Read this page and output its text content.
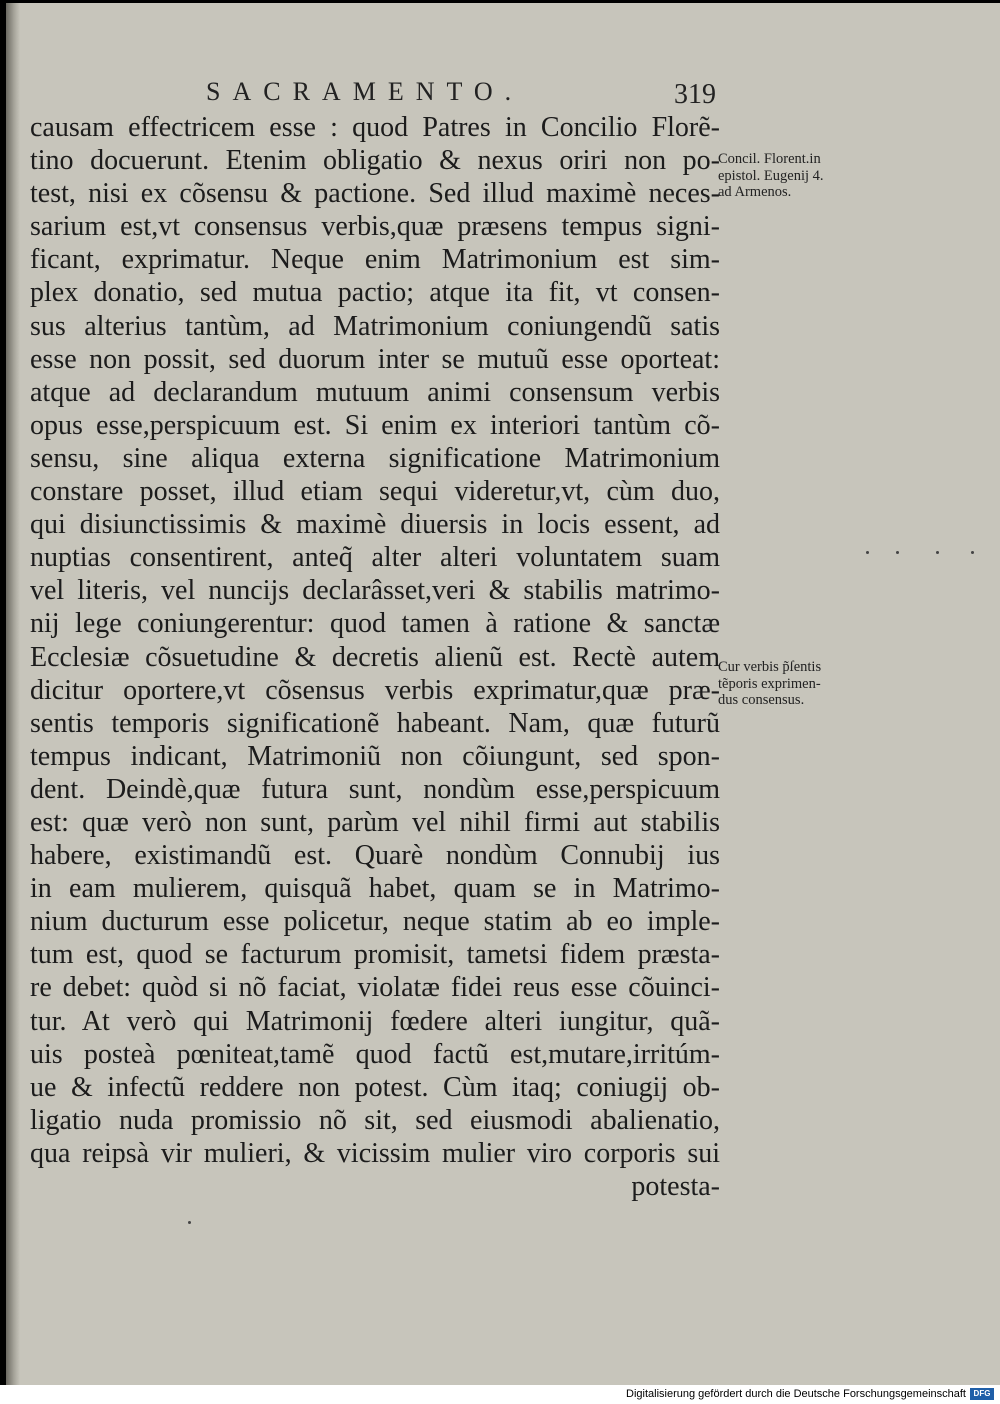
SACRAMENTO.	319
causam effectricem esse : quod Patres in Concilio Florẽ-
tino docuerunt. Etenim obligatio & nexus oriri non po-
test, nisi ex cõsensu & pactione. Sed illud maximè neces-
sarium est,vt consensus verbis,quæ præsens tempus signi-
ficant, exprimatur. Neque enim Matrimonium est sim-
plex donatio, sed mutua pactio; atque ita fit, vt consen-
sus alterius tantùm, ad Matrimonium coniungendũ satis
esse non possit, sed duorum inter se mutuũ esse oporteat:
atque ad declarandum mutuum animi consensum verbis
opus esse,perspicuum est. Si enim ex interiori tantùm cõ-
sensu, sine aliqua externa significatione Matrimonium
constare posset, illud etiam sequi videretur,vt, cùm duo,
qui disiunctissimis & maximè diuersis in locis essent, ad
nuptias consentirent, anteq̃ alter alteri voluntatem suam
vel literis, vel nuncijs declarâsset,veri & stabilis matrimo-
nij lege coniungerentur: quod tamen à ratione & sanctæ
Ecclesiæ cõsuetudine & decretis alienũ est. Rectè autem
dicitur oportere,vt cõsensus verbis exprimatur,quæ præ-
sentis temporis significationẽ habeant. Nam, quæ futurũ
tempus indicant, Matrimoniũ non cõiungunt, sed spon-
dent. Deindè,quæ futura sunt, nondùm esse,perspicuum
est: quæ verò non sunt, parùm vel nihil firmi aut stabilis
habere, existimandũ est. Quarè nondùm Connubij ius
in eam mulierem, quisquã habet, quam se in Matrimo-
nium ducturum esse policetur, neque statim ab eo imple-
tum est, quod se facturum promisit, tametsi fidem præsta-
re debet: quòd si nõ faciat, violatæ fidei reus esse cõuinci-
tur. At verò qui Matrimonij fœdere alteri iungitur, quã-
uis posteà pœniteat,tamẽ quod factũ est,mutare,irritúm-
ue & infectũ reddere non potest. Cùm itaq; coniugij ob-
ligatio nuda promissio nõ sit, sed eiusmodi abalienatio,
qua reipsà vir mulieri, & vicissim mulier viro corporis sui
potesta-
Concil. Florent.in
epistol. Eugenij 4.
ad Armenos.
Cur verbis p̃ſentis
tẽporis exprimen-
dus consensus.
Digitalisierung gefördert durch die Deutsche Forschungsgemeinschaft DFG
